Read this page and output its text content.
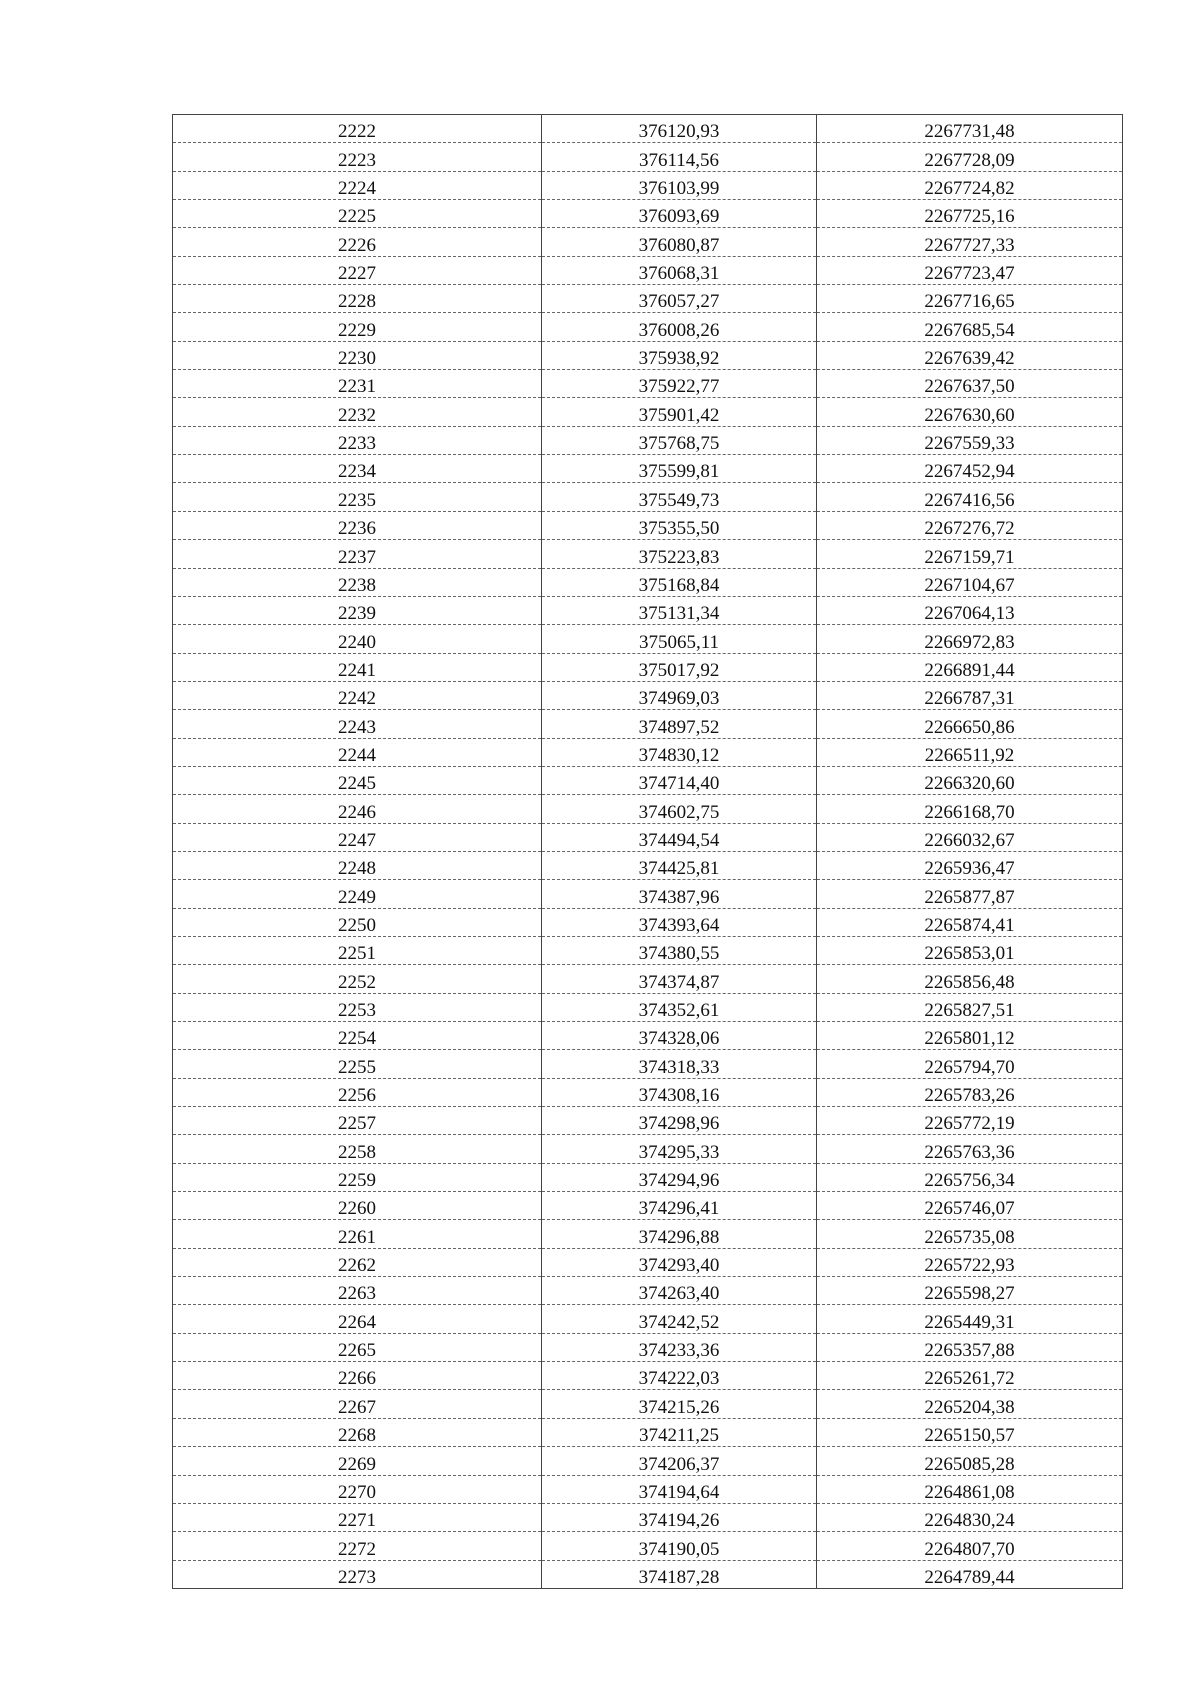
2222	376120,93	2267731,48
2223	376114,56	2267728,09
2224	376103,99	2267724,82
2225	376093,69	2267725,16
2226	376080,87	2267727,33
2227	376068,31	2267723,47
2228	376057,27	2267716,65
2229	376008,26	2267685,54
2230	375938,92	2267639,42
2231	375922,77	2267637,50
2232	375901,42	2267630,60
2233	375768,75	2267559,33
2234	375599,81	2267452,94
2235	375549,73	2267416,56
2236	375355,50	2267276,72
2237	375223,83	2267159,71
2238	375168,84	2267104,67
2239	375131,34	2267064,13
2240	375065,11	2266972,83
2241	375017,92	2266891,44
2242	374969,03	2266787,31
2243	374897,52	2266650,86
2244	374830,12	2266511,92
2245	374714,40	2266320,60
2246	374602,75	2266168,70
2247	374494,54	2266032,67
2248	374425,81	2265936,47
2249	374387,96	2265877,87
2250	374393,64	2265874,41
2251	374380,55	2265853,01
2252	374374,87	2265856,48
2253	374352,61	2265827,51
2254	374328,06	2265801,12
2255	374318,33	2265794,70
2256	374308,16	2265783,26
2257	374298,96	2265772,19
2258	374295,33	2265763,36
2259	374294,96	2265756,34
2260	374296,41	2265746,07
2261	374296,88	2265735,08
2262	374293,40	2265722,93
2263	374263,40	2265598,27
2264	374242,52	2265449,31
2265	374233,36	2265357,88
2266	374222,03	2265261,72
2267	374215,26	2265204,38
2268	374211,25	2265150,57
2269	374206,37	2265085,28
2270	374194,64	2264861,08
2271	374194,26	2264830,24
2272	374190,05	2264807,70
2273	374187,28	2264789,44
